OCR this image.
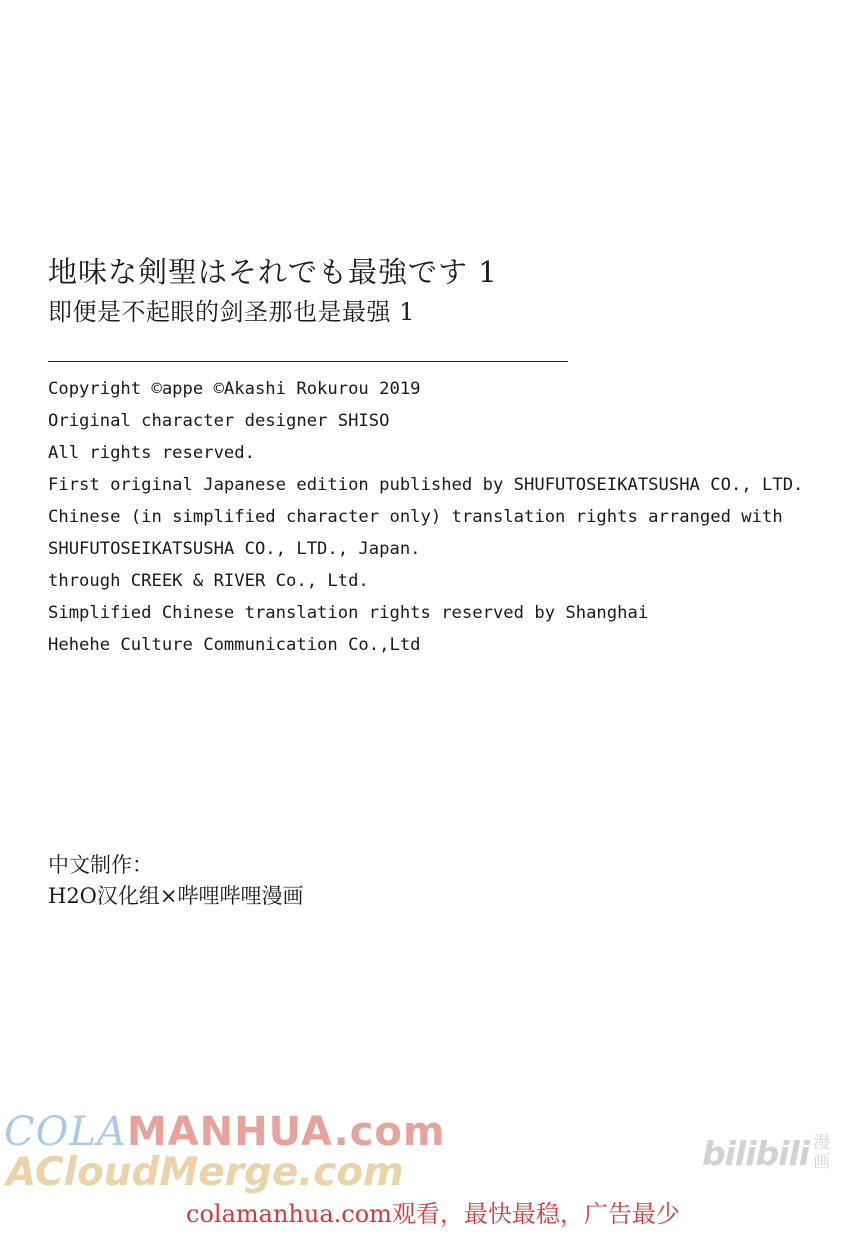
地味な剣聖はそれでも最強です 1
即便是不起眼的剑圣那也是最强 1
Copyright ©appe ©Akashi Rokurou 2019
Original character designer SHISO
All rights reserved.
First original Japanese edition published by SHUFUTOSEIKATSUSHA CO., LTD.
Chinese (in simplified character only) translation rights arranged with
SHUFUTOSEIKATSUSHA CO., LTD., Japan.
through CREEK & RIVER Co., Ltd.
Simplified Chinese translation rights reserved by Shanghai
Hehehe Culture Communication Co.,Ltd
中文制作：
H2O汉化组×哔哩哔哩漫画
COLAMANHUA.com
ACloudMerge.com	bilibili 漫
画
colamanhua.com观看，最快最稳，广告最少
